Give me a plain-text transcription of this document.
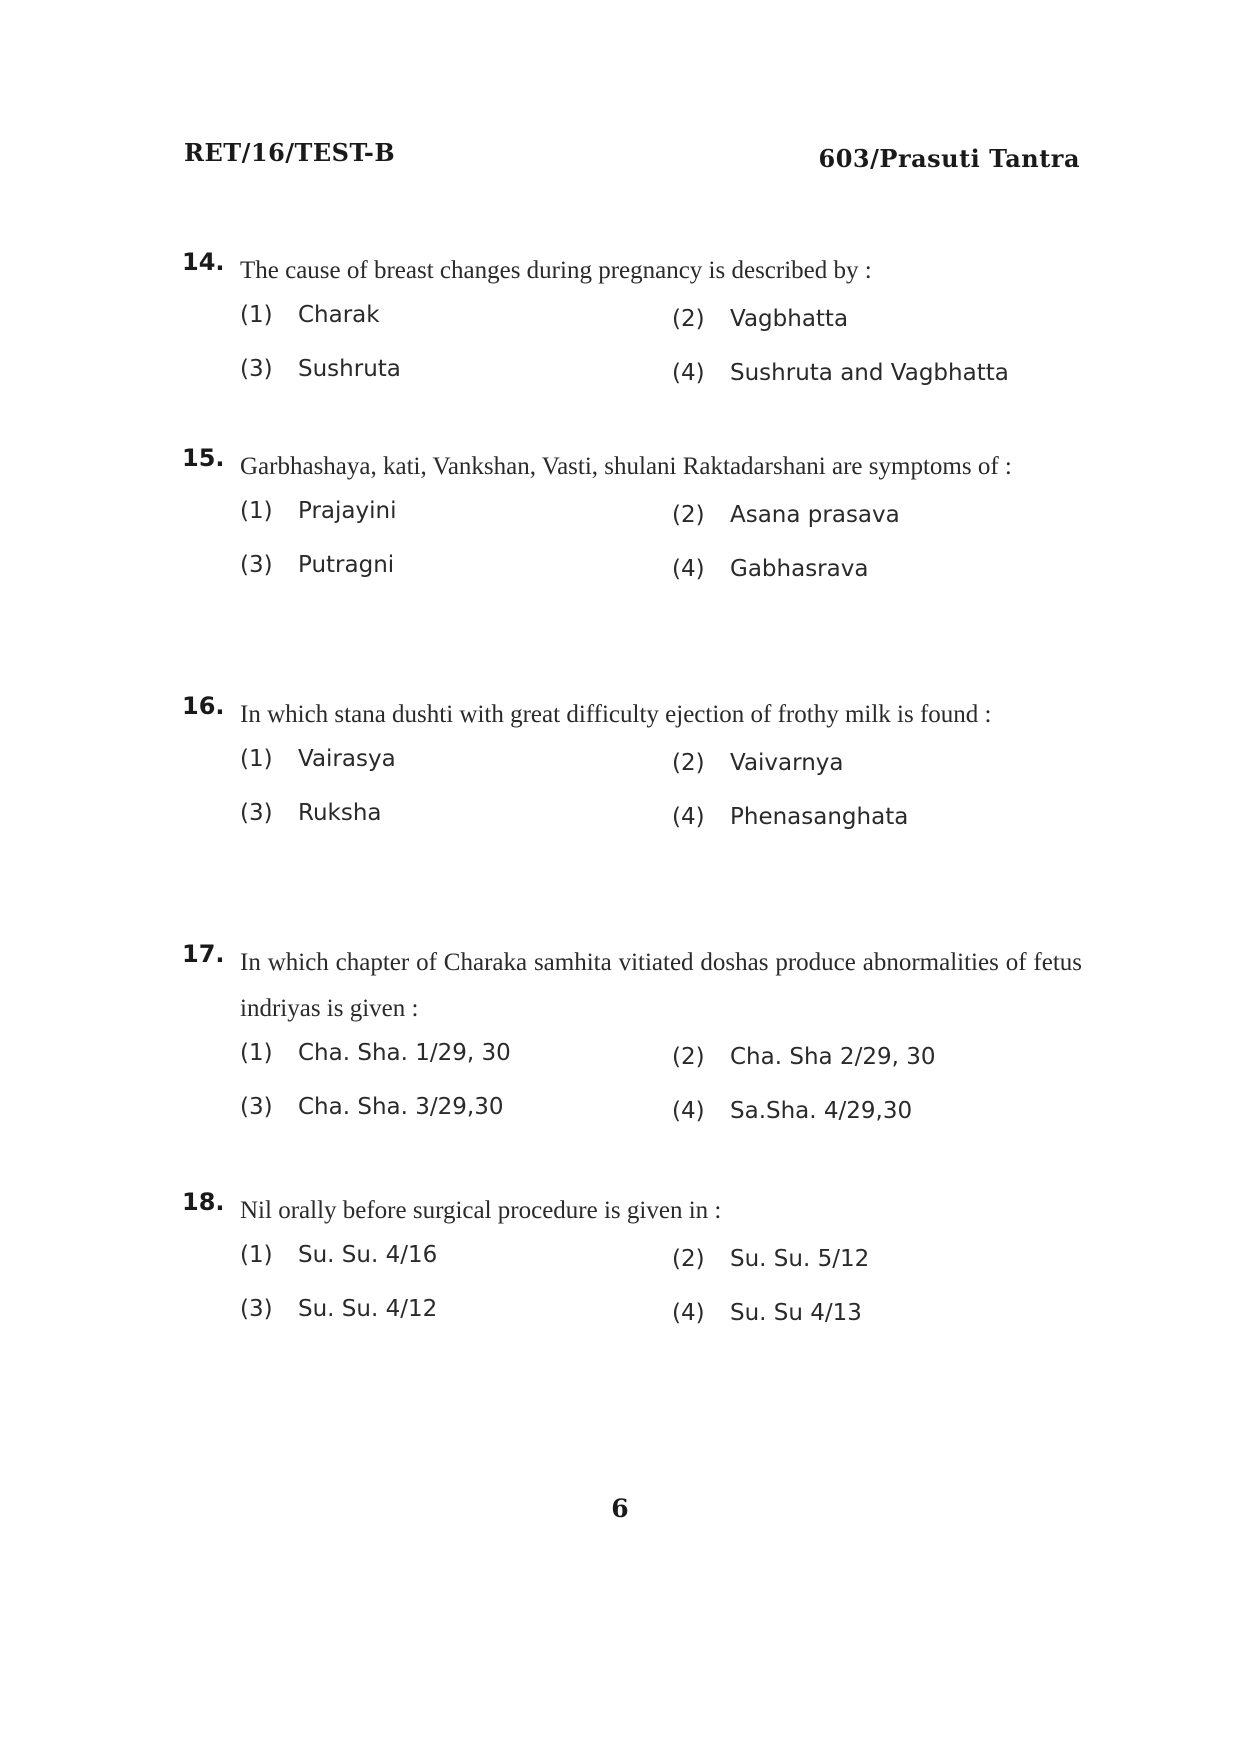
RET/16/TEST-B	603/Prasuti Tantra
14. The cause of breast changes during pregnancy is described by :
(1) Charak	(2) Vagbhatta
(3) Sushruta	(4) Sushruta and Vagbhatta
15. Garbhashaya, kati, Vankshan, Vasti, shulani Raktadarshani are symptoms of :
(1) Prajayini	(2) Asana prasava
(3) Putragni	(4) Gabhasrava
16. In which stana dushti with great difficulty ejection of frothy milk is found :
(1) Vairasya	(2) Vaivarnya
(3) Ruksha	(4) Phenasanghata
17. In which chapter of Charaka samhita vitiated doshas produce abnormalities of fetus indriyas is given :
(1) Cha. Sha. 1/29, 30	(2) Cha. Sha 2/29, 30
(3) Cha. Sha. 3/29,30	(4) Sa.Sha. 4/29,30
18. Nil orally before surgical procedure is given in :
(1) Su. Su. 4/16	(2) Su. Su. 5/12
(3) Su. Su. 4/12	(4) Su. Su 4/13
6
